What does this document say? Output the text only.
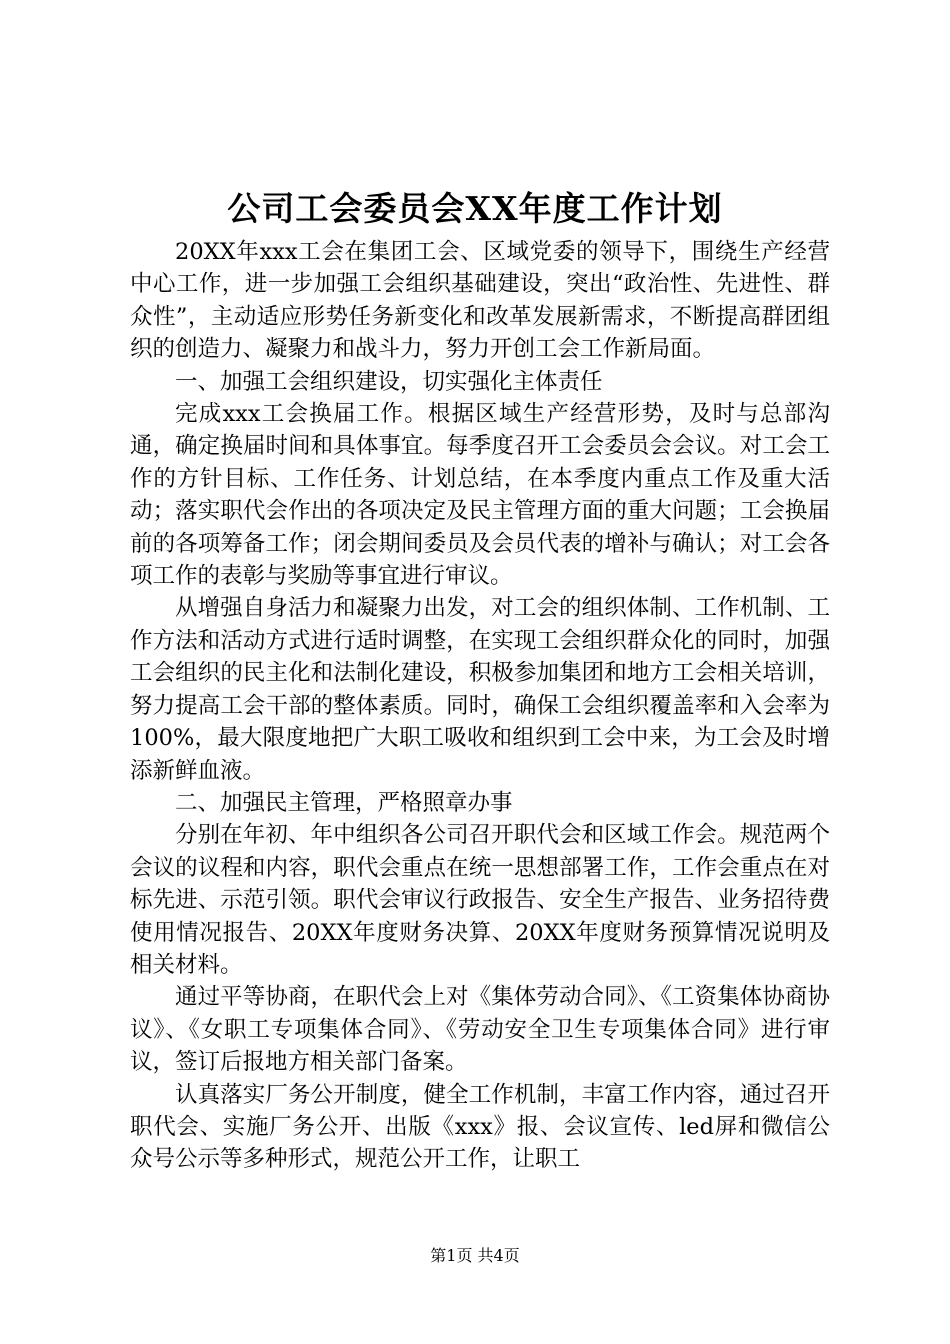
公司工会委员会XX年度工作计划

20XX年xxx工会在集团工会、区域党委的领导下，围绕生产经营中心工作，进一步加强工会组织基础建设，突出“政治性、先进性、群众性”，主动适应形势任务新变化和改革发展新需求，不断提高群团组织的创造力、凝聚力和战斗力，努力开创工会工作新局面。

一、加强工会组织建设，切实强化主体责任

完成xxx工会换届工作。根据区域生产经营形势，及时与总部沟通，确定换届时间和具体事宜。每季度召开工会委员会会议。对工会工作的方针目标、工作任务、计划总结，在本季度内重点工作及重大活动；落实职代会作出的各项决定及民主管理方面的重大问题；工会换届前的各项筹备工作；闭会期间委员及会员代表的增补与确认；对工会各项工作的表彰与奖励等事宜进行审议。

从增强自身活力和凝聚力出发，对工会的组织体制、工作机制、工作方法和活动方式进行适时调整，在实现工会组织群众化的同时，加强工会组织的民主化和法制化建设，积极参加集团和地方工会相关培训，努力提高工会干部的整体素质。同时，确保工会组织覆盖率和入会率为100%，最大限度地把广大职工吸收和组织到工会中来，为工会及时增添新鲜血液。

二、加强民主管理，严格照章办事

分别在年初、年中组织各公司召开职代会和区域工作会。规范两个会议的议程和内容，职代会重点在统一思想部署工作，工作会重点在对标先进、示范引领。职代会审议行政报告、安全生产报告、业务招待费使用情况报告、20XX年度财务决算、20XX年度财务预算情况说明及相关材料。

通过平等协商，在职代会上对《集体劳动合同》、《工资集体协商协议》、《女职工专项集体合同》、《劳动安全卫生专项集体合同》进行审议，签订后报地方相关部门备案。

认真落实厂务公开制度，健全工作机制，丰富工作内容，通过召开职代会、实施厂务公开、出版《xxx》报、会议宣传、led屏和微信公众号公示等多种形式，规范公开工作，让职工

第1页 共4页
